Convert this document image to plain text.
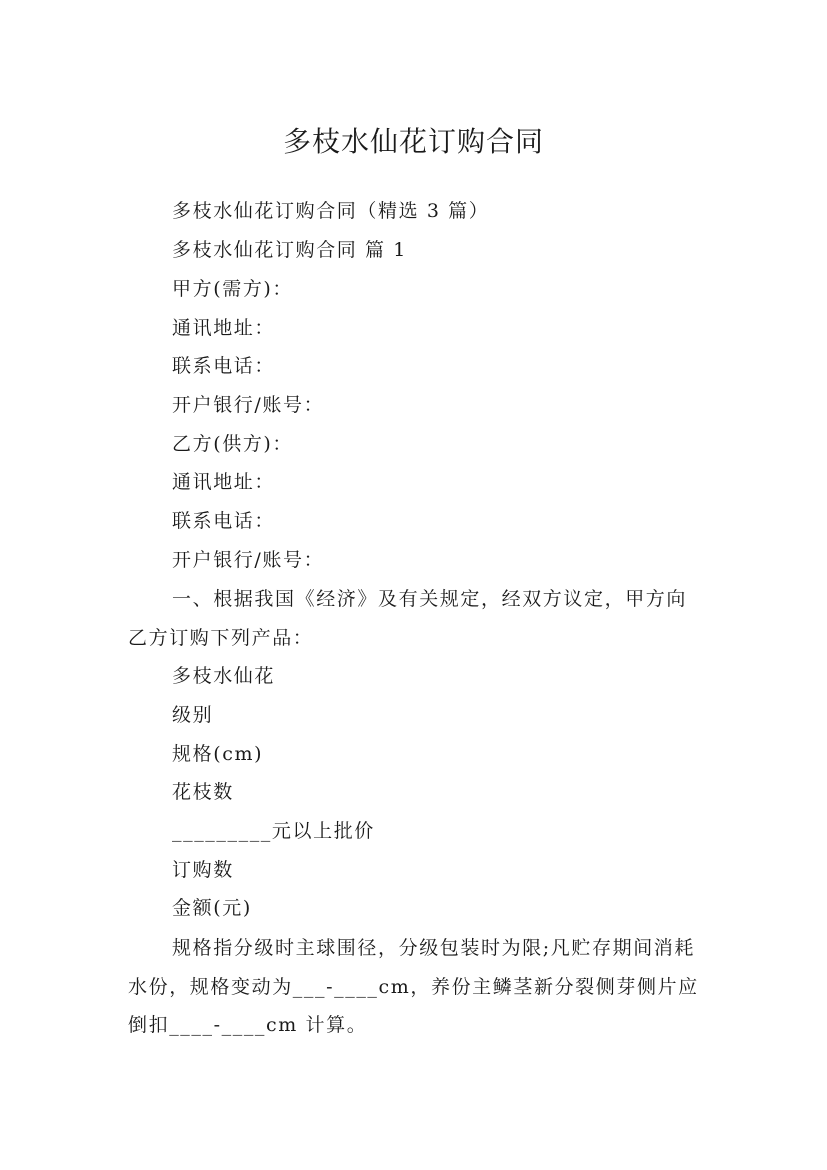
多枝水仙花订购合同
多枝水仙花订购合同（精选 3 篇）
多枝水仙花订购合同 篇 1
甲方(需方)：
通讯地址：
联系电话：
开户银行/账号：
乙方(供方)：
通讯地址：
联系电话：
开户银行/账号：

一、根据我国《经济》及有关规定，经双方议定，甲方向乙方订购下列产品：

多枝水仙花
级别
规格(cm)
花枝数
_________元以上批价
订购数
金额(元)

规格指分级时主球围径，分级包装时为限;凡贮存期间消耗水份，规格变动为___-____cm，养份主鳞茎新分裂侧芽侧片应倒扣____-____cm 计算。
